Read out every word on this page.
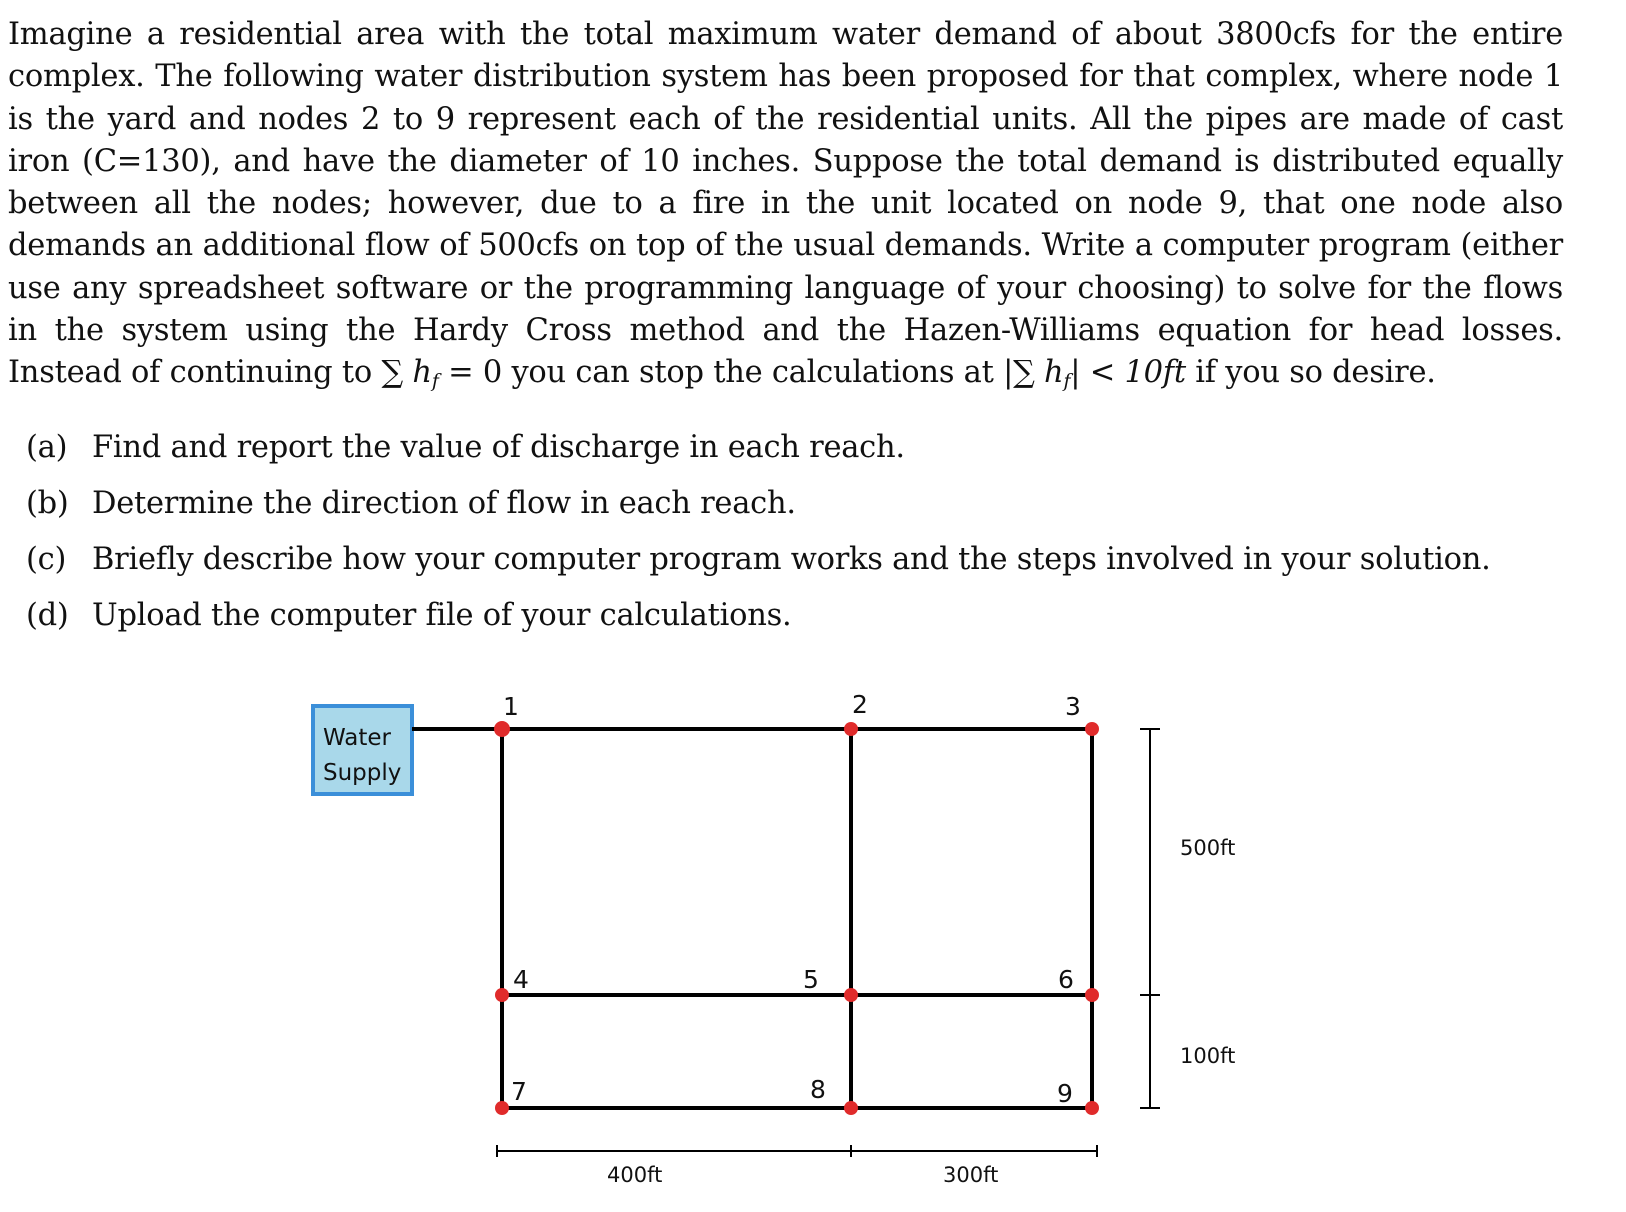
Imagine a residential area with the total maximum water demand of about 3800cfs for the entire complex. The following water distribution system has been proposed for that complex, where node 1 is the yard and nodes 2 to 9 represent each of the residential units. All the pipes are made of cast iron (C=130), and have the diameter of 10 inches. Suppose the total demand is distributed equally between all the nodes; however, due to a fire in the unit located on node 9, that one node also demands an additional flow of 500cfs on top of the usual demands. Write a computer program (either use any spreadsheet software or the programming language of your choosing) to solve for the flows in the system using the Hardy Cross method and the Hazen-Williams equation for head losses. Instead of continuing to ∑ $h_f = 0$ you can stop the calculations at |∑ $h_f| < 10ft$ if you so desire.

(a) Find and report the value of discharge in each reach.
(b) Determine the direction of flow in each reach.
(c) Briefly describe how your computer program works and the steps involved in your solution.
(d) Upload the computer file of your calculations.
Water
Supply
1	2	3
4	5	6
7	8	9
500ft
100ft
400ft	300ft
